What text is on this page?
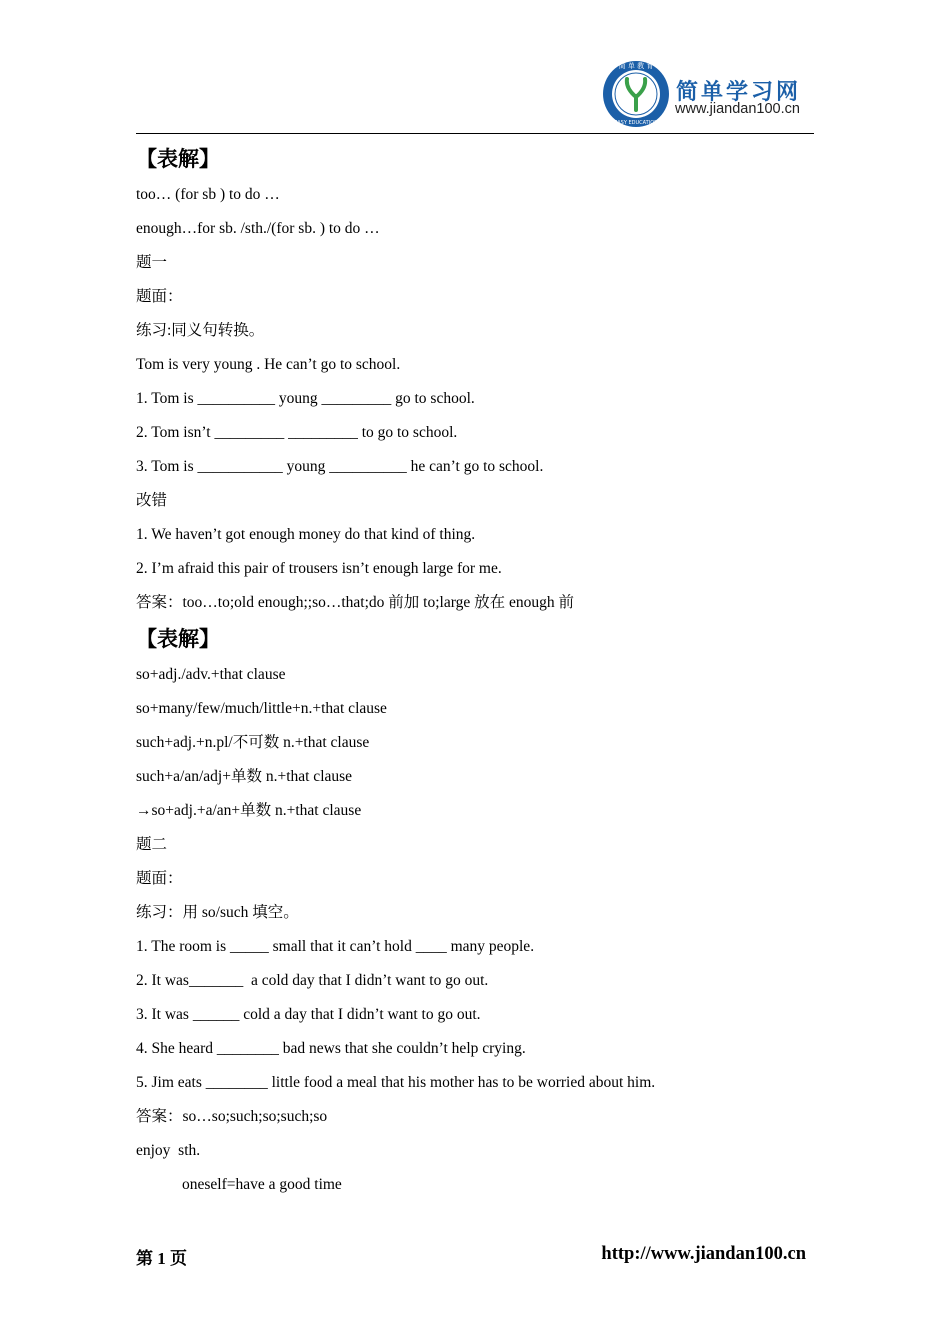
简 单 教 育
EASY EDUCATION
简单学习网
www.jiandan100.cn
【表解】
too… (for sb ) to do …
enough…for sb. /sth./(for sb. ) to do …
题一
题面：
练习:同义句转换。
Tom is very young . He can’t go to school.
1. Tom is __________ young _________ go to school.
2. Tom isn’t _________ _________ to go to school.
3. Tom is ___________ young __________ he can’t go to school.
改错
1. We haven’t got enough money do that kind of thing.
2. I’m afraid this pair of trousers isn’t enough large for me.
答案：too…to;old enough;;so…that;do 前加 to;large 放在 enough 前
【表解】
so+adj./adv.+that clause
so+many/few/much/little+n.+that clause
such+adj.+n.pl/不可数 n.+that clause
such+a/an/adj+单数 n.+that clause
→so+adj.+a/an+单数 n.+that clause
题二
题面：
练习：用 so/such 填空。
1. The room is _____ small that it can’t hold ____ many people.
2. It was_______  a cold day that I didn’t want to go out.
3. It was ______ cold a day that I didn’t want to go out.
4. She heard ________ bad news that she couldn’t help crying.
5. Jim eats ________ little food a meal that his mother has to be worried about him.
答案：so…so;such;so;such;so
enjoy  sth.
oneself=have a good time
第 1 页	http://www.jiandan100.cn
